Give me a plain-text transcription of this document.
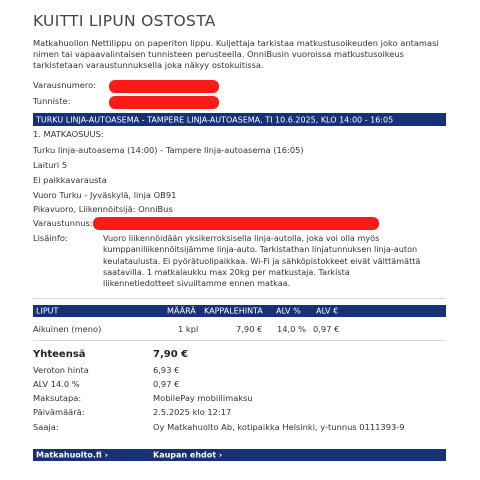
KUITTI LIPUN OSTOSTA
Matkahuollon Nettilippu on paperiton lippu. Kuljettaja tarkistaa matkustusoikeuden joko antamasi nimen tai vapaavalintaisen tunnisteen perusteella. OnniBusin vuoroissa matkustusoikeus tarkistetaan varaustunnuksella joka näkyy ostokuitissa.
Varausnumero:
Tunniste:
TURKU LINJA-AUTOASEMA - TAMPERE LINJA-AUTOASEMA, TI 10.6.2025, KLO 14:00 - 16:05
1. MATKAOSUUS:
Turku linja-autoasema (14:00) - Tampere linja-autoasema (16:05)
Laituri 5
Ei paikkavarausta
Vuoro Turku - Jyväskylä, linja OB91
Pikavuoro, Liikennöitsijä: OnniBus
Varaustunnus:
Lisäinfo:	Vuoro liikennöidään yksikerroksisella linja-autolla, joka voi olla myös kumppaniliikennöitsijämme linja-auto. Tarkistathan linjatunnuksen linja-auton keulataulusta. Ei pyörätuolipaikkaa. Wi-Fi ja sähköpistokkeet eivät välttämättä saatavilla. 1 matkalaukku max 20kg per matkustaja. Tarkista liikennetiedotteet sivuiltamme ennen matkaa.
LIPUT	MÄÄRÄ KAPPALEHINTA ALV % ALV €
Aikuinen (meno)	1 kpl	7,90 € 14,0 % 0,97 €
Yhteensä	7,90 €
Veroton hinta	6,93 €
ALV 14.0 %	0,97 €
Maksutapa:	MobilePay mobiilimaksu
Päivämäärä:	2.5.2025 klo 12:17
Saaja:	Oy Matkahuolto Ab, kotipaikka Helsinki, y-tunnus 0111393-9
Matkahuolto.fi ›	Kaupan ehdot ›
